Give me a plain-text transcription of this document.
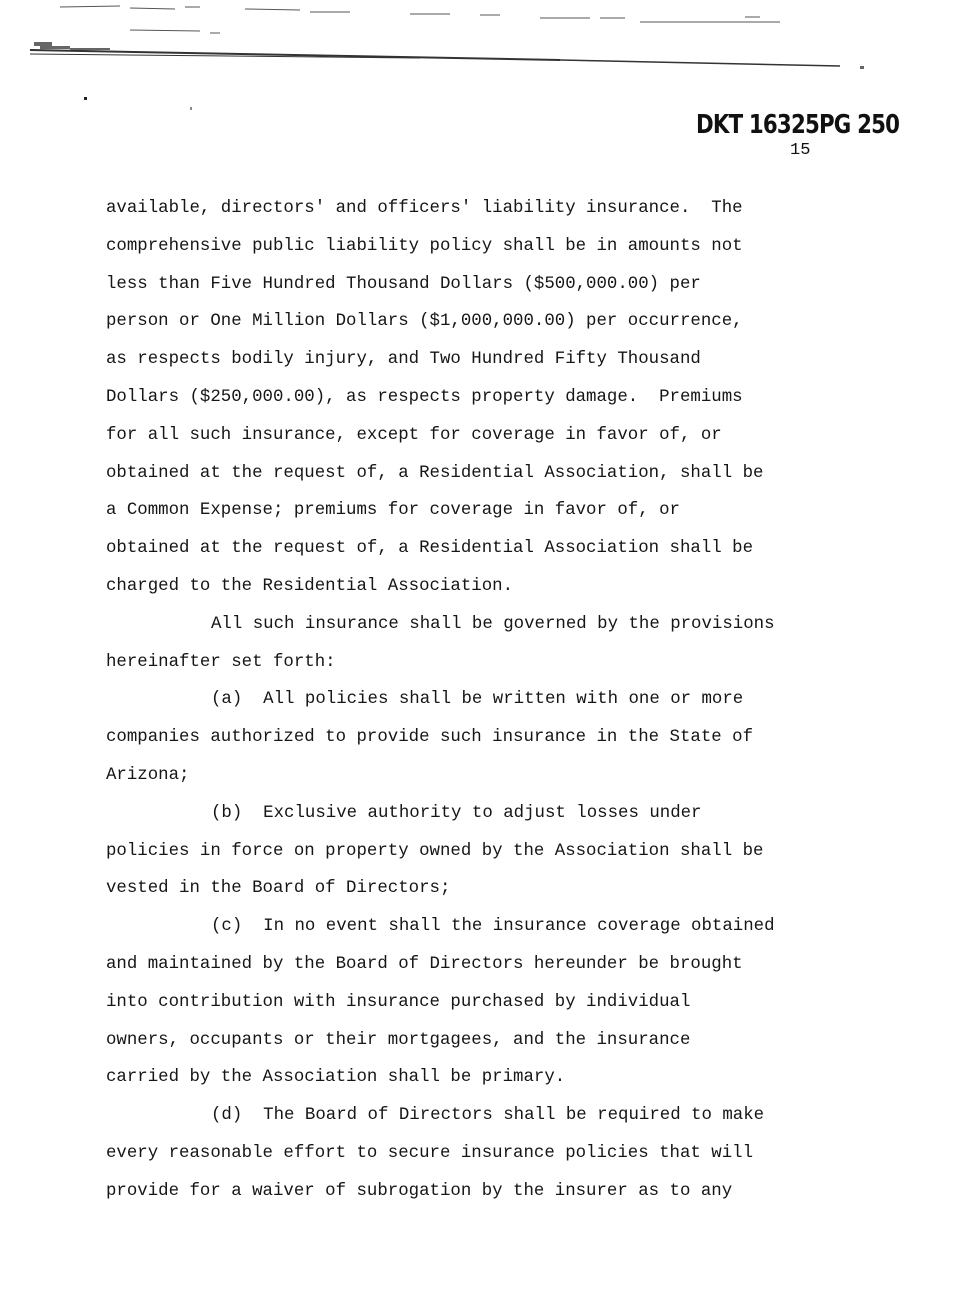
DKT 16325PG 250
15
available, directors' and officers' liability insurance.  The
comprehensive public liability policy shall be in amounts not
less than Five Hundred Thousand Dollars ($500,000.00) per
person or One Million Dollars ($1,000,000.00) per occurrence,
as respects bodily injury, and Two Hundred Fifty Thousand
Dollars ($250,000.00), as respects property damage.  Premiums
for all such insurance, except for coverage in favor of, or
obtained at the request of, a Residential Association, shall be
a Common Expense; premiums for coverage in favor of, or
obtained at the request of, a Residential Association shall be
charged to the Residential Association.
All such insurance shall be governed by the provisions
hereinafter set forth:
(a)  All policies shall be written with one or more
companies authorized to provide such insurance in the State of
Arizona;
(b)  Exclusive authority to adjust losses under
policies in force on property owned by the Association shall be
vested in the Board of Directors;
(c)  In no event shall the insurance coverage obtained
and maintained by the Board of Directors hereunder be brought
into contribution with insurance purchased by individual
owners, occupants or their mortgagees, and the insurance
carried by the Association shall be primary.
(d)  The Board of Directors shall be required to make
every reasonable effort to secure insurance policies that will
provide for a waiver of subrogation by the insurer as to any
